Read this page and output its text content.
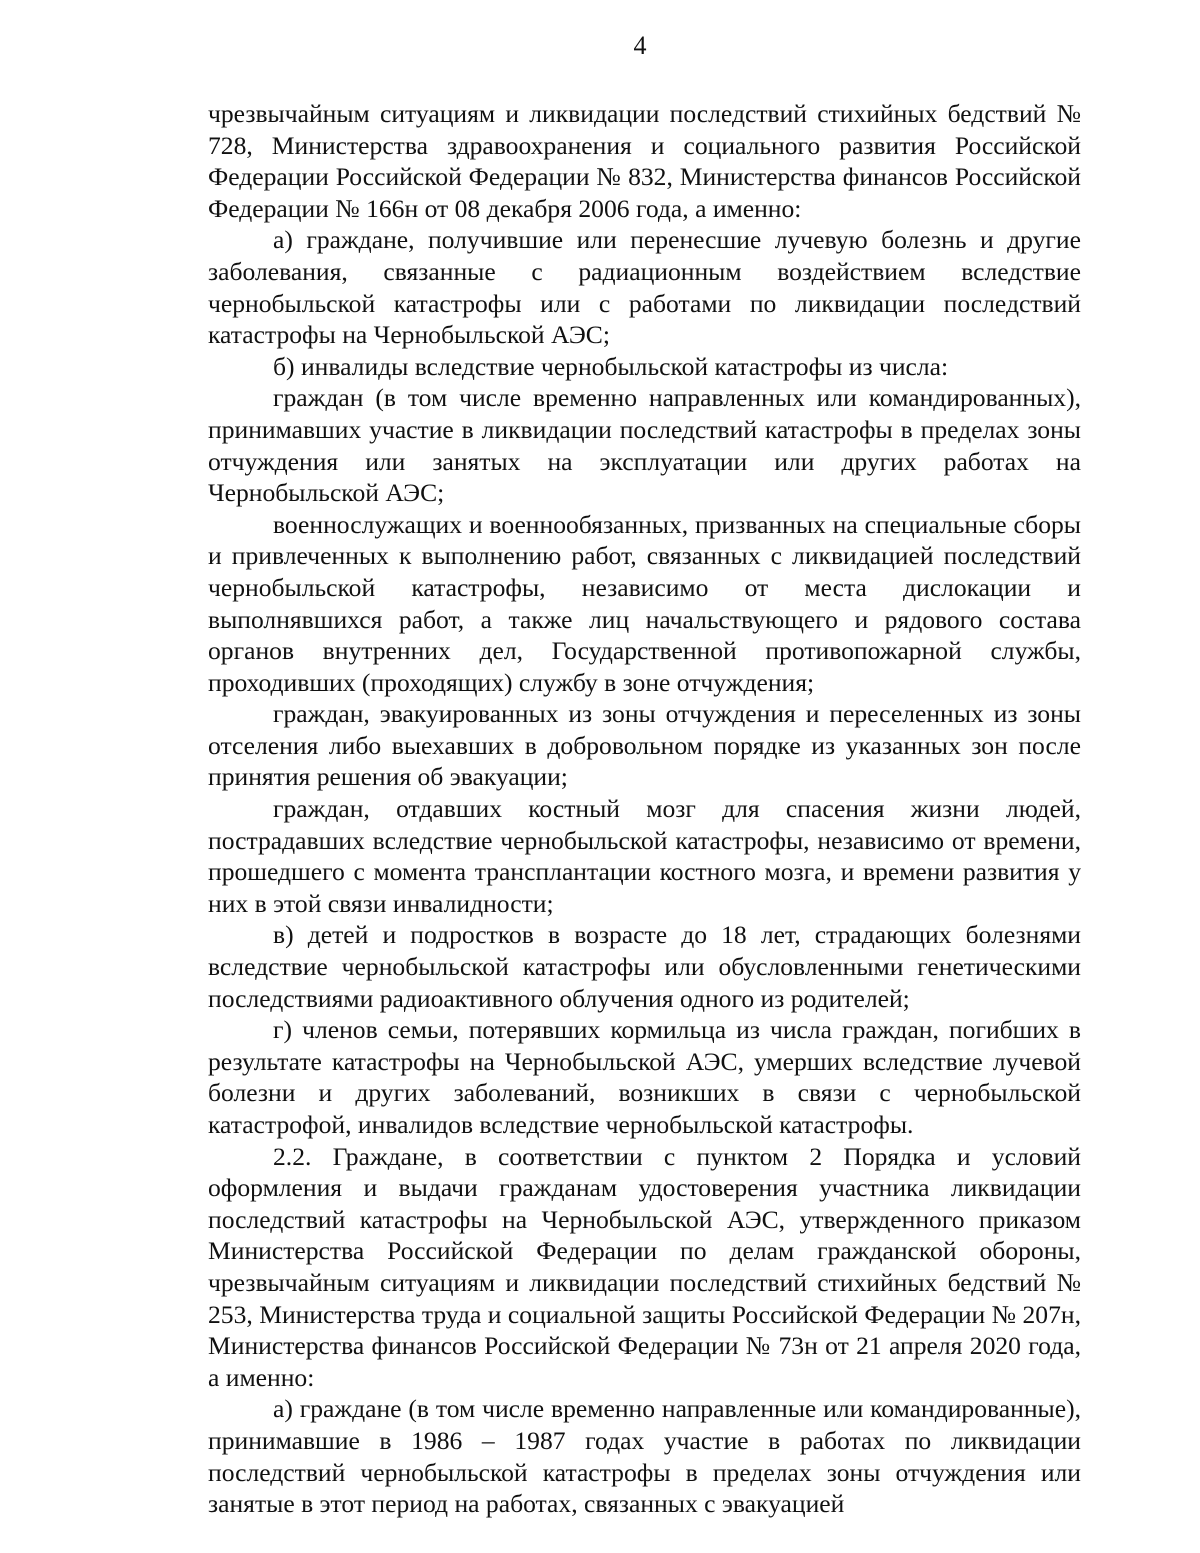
4

чрезвычайным ситуациям и ликвидации последствий стихийных бедствий № 728, Министерства здравоохранения и социального развития Российской Федерации Российской Федерации № 832, Министерства финансов Российской Федерации № 166н от 08 декабря 2006 года, а именно:

а) граждане, получившие или перенесшие лучевую болезнь и другие заболевания, связанные с радиационным воздействием вследствие чернобыльской катастрофы или с работами по ликвидации последствий катастрофы на Чернобыльской АЭС;

б) инвалиды вследствие чернобыльской катастрофы из числа:

граждан (в том числе временно направленных или командированных), принимавших участие в ликвидации последствий катастрофы в пределах зоны отчуждения или занятых на эксплуатации или других работах на Чернобыльской АЭС;

военнослужащих и военнообязанных, призванных на специальные сборы и привлеченных к выполнению работ, связанных с ликвидацией последствий чернобыльской катастрофы, независимо от места дислокации и выполнявшихся работ, а также лиц начальствующего и рядового состава органов внутренних дел, Государственной противопожарной службы, проходивших (проходящих) службу в зоне отчуждения;

граждан, эвакуированных из зоны отчуждения и переселенных из зоны отселения либо выехавших в добровольном порядке из указанных зон после принятия решения об эвакуации;

граждан, отдавших костный мозг для спасения жизни людей, пострадавших вследствие чернобыльской катастрофы, независимо от времени, прошедшего с момента трансплантации костного мозга, и времени развития у них в этой связи инвалидности;

в) детей и подростков в возрасте до 18 лет, страдающих болезнями вследствие чернобыльской катастрофы или обусловленными генетическими последствиями радиоактивного облучения одного из родителей;

г) членов семьи, потерявших кормильца из числа граждан, погибших в результате катастрофы на Чернобыльской АЭС, умерших вследствие лучевой болезни и других заболеваний, возникших в связи с чернобыльской катастрофой, инвалидов вследствие чернобыльской катастрофы.

2.2. Граждане, в соответствии с пунктом 2 Порядка и условий оформления и выдачи гражданам удостоверения участника ликвидации последствий катастрофы на Чернобыльской АЭС, утвержденного приказом Министерства Российской Федерации по делам гражданской обороны, чрезвычайным ситуациям и ликвидации последствий стихийных бедствий № 253, Министерства труда и социальной защиты Российской Федерации № 207н, Министерства финансов Российской Федерации № 73н от 21 апреля 2020 года, а именно:

а) граждане (в том числе временно направленные или командированные), принимавшие в 1986 – 1987 годах участие в работах по ликвидации последствий чернобыльской катастрофы в пределах зоны отчуждения или занятые в этот период на работах, связанных с эвакуацией
